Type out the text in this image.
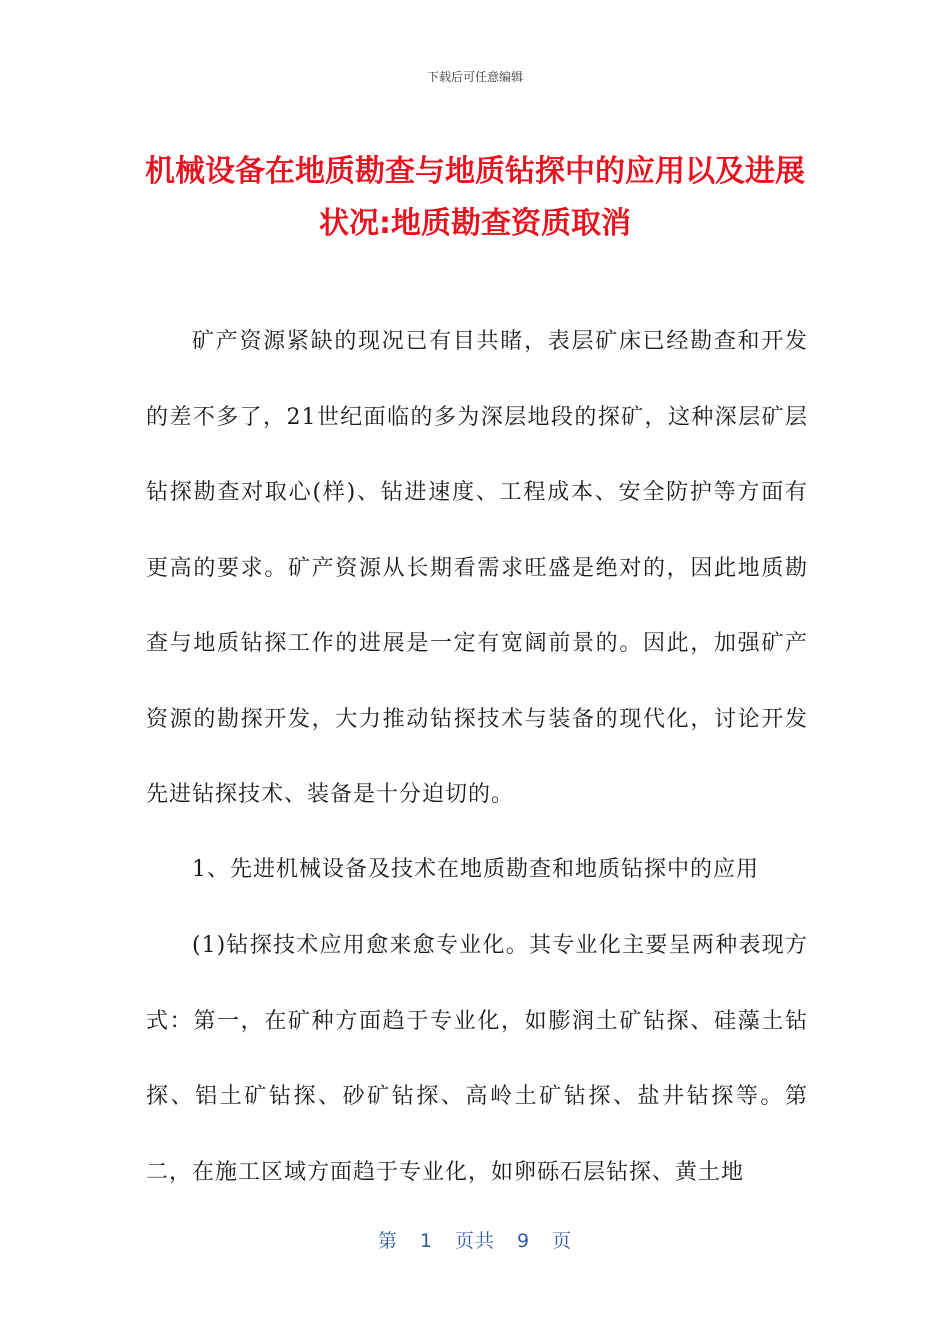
下载后可任意编辑
机械设备在地质勘查与地质钻探中的应用以及进展状况:地质勘查资质取消

矿产资源紧缺的现况已有目共睹，表层矿床已经勘查和开发的差不多了，21世纪面临的多为深层地段的探矿，这种深层矿层钻探勘查对取心(样)、钻进速度、工程成本、安全防护等方面有更高的要求。矿产资源从长期看需求旺盛是绝对的，因此地质勘查与地质钻探工作的进展是一定有宽阔前景的。因此，加强矿产资源的勘探开发，大力推动钻探技术与装备的现代化，讨论开发先进钻探技术、装备是十分迫切的。

1、先进机械设备及技术在地质勘查和地质钻探中的应用

(1)钻探技术应用愈来愈专业化。其专业化主要呈两种表现方式：第一，在矿种方面趋于专业化，如膨润土矿钻探、硅藻土钻探、铝土矿钻探、砂矿钻探、高岭土矿钻探、盐井钻探等。第二，在施工区域方面趋于专业化，如卵砾石层钻探、黄土地

第 1 页共 9 页
